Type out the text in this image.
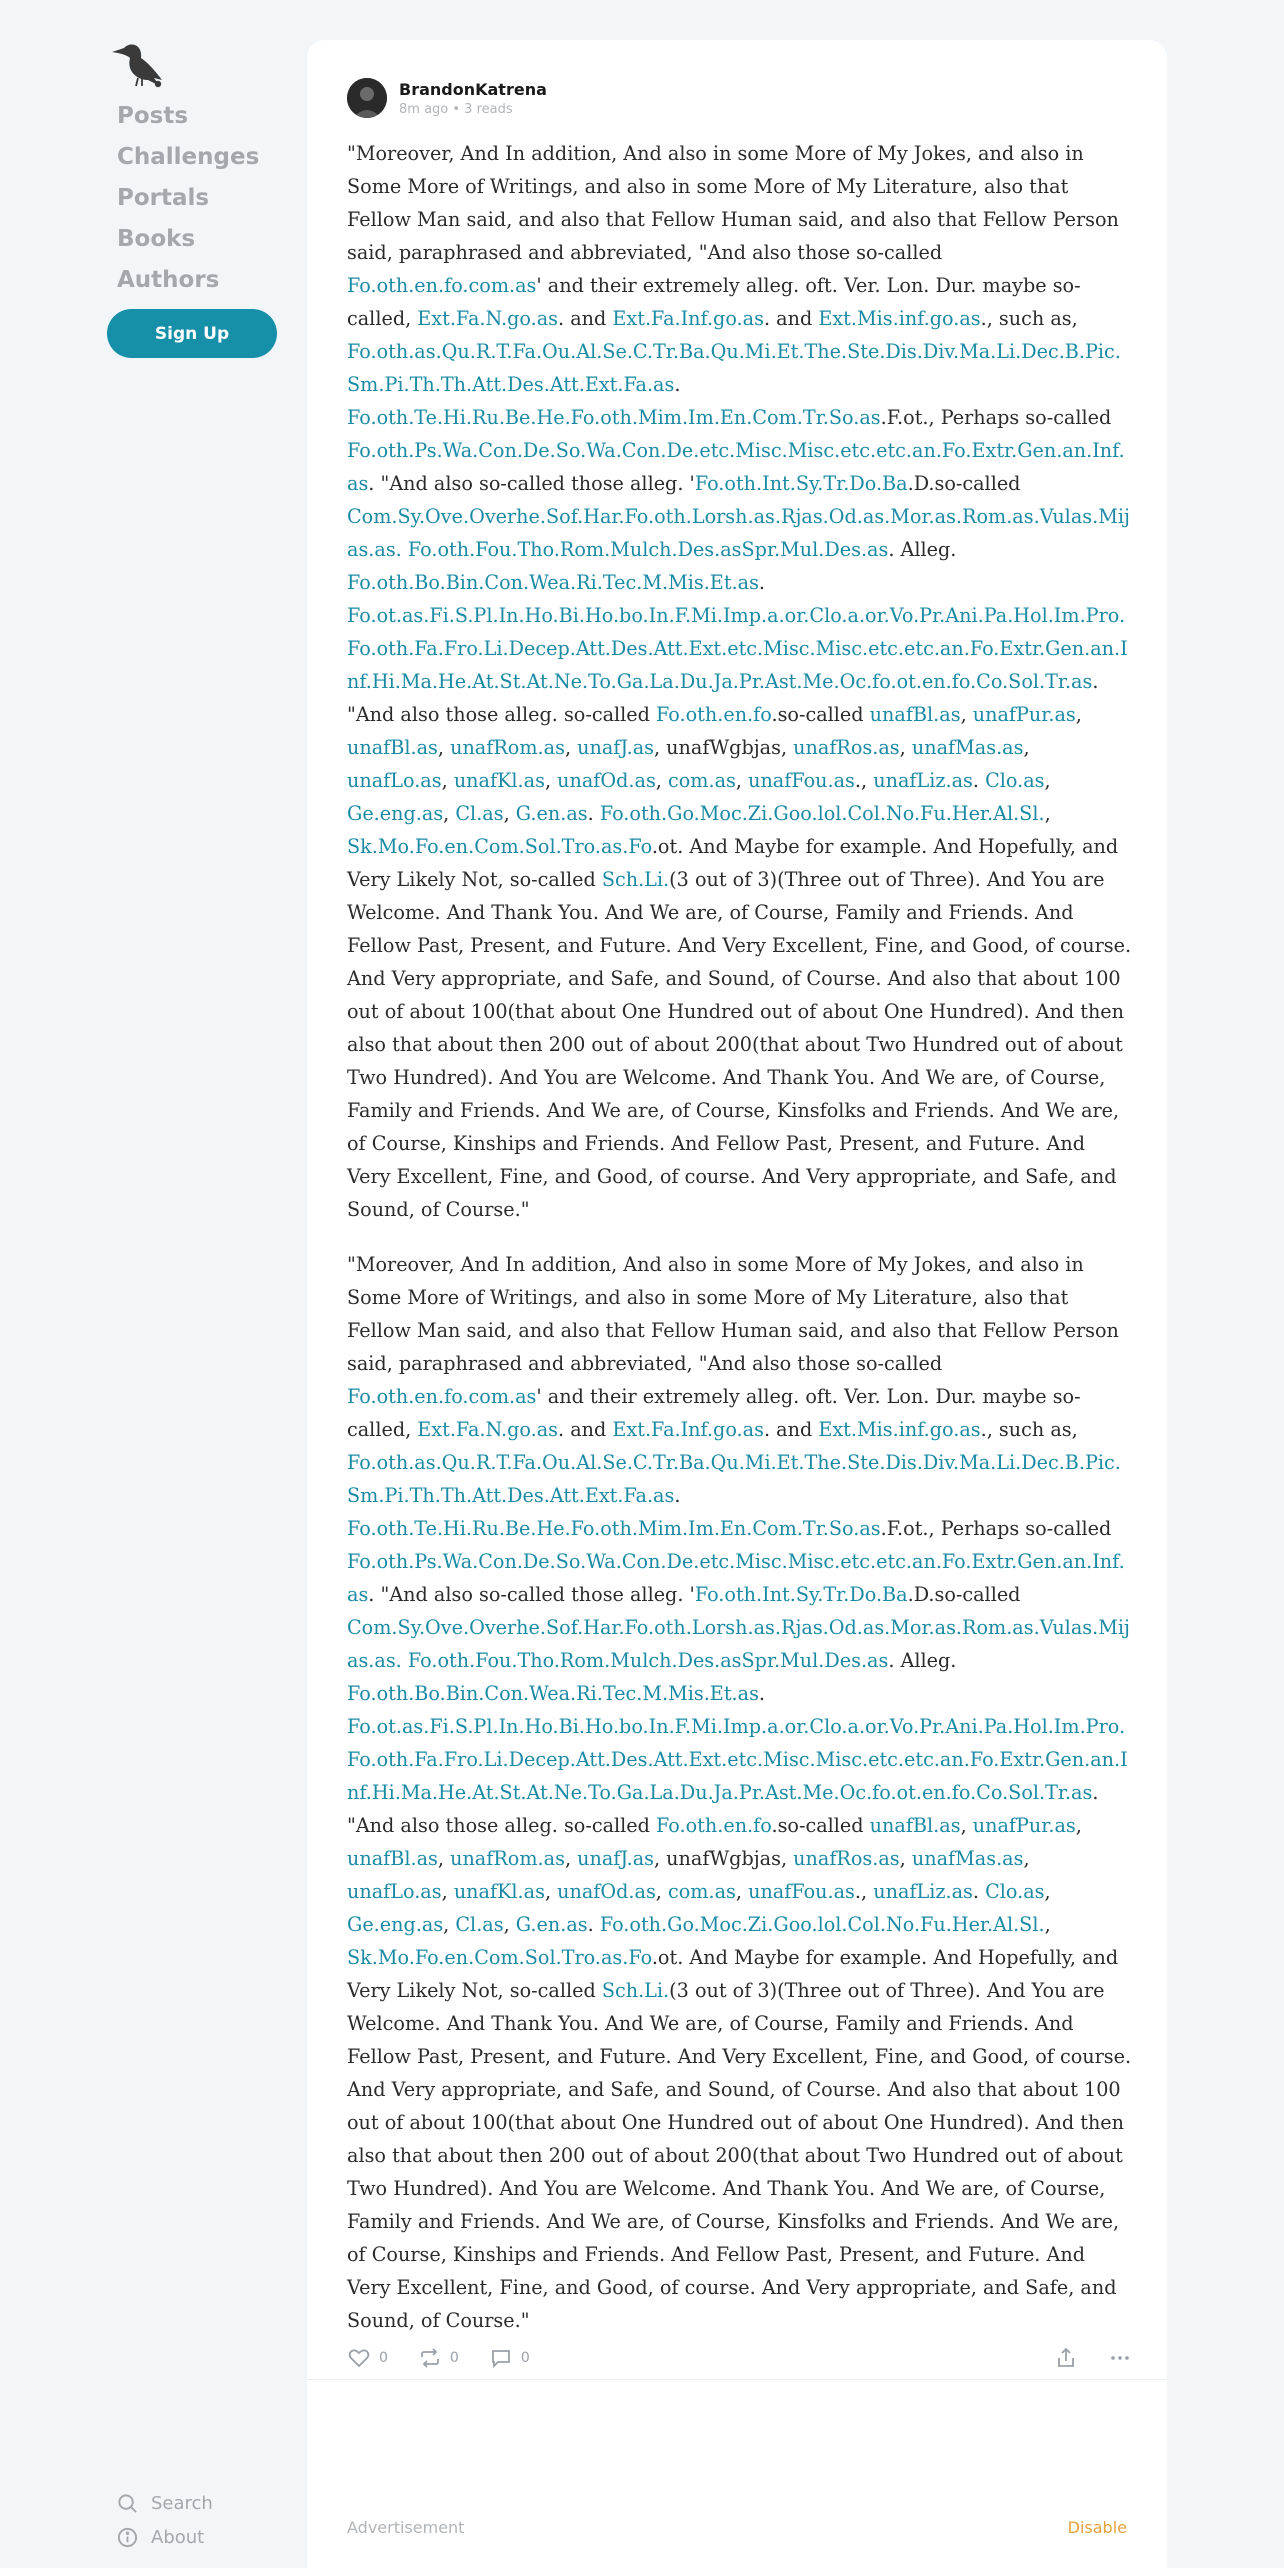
Posts
Challenges
Portals
Books
Authors
Sign Up
Search
About
BrandonKatrena
8m ago • 3 reads

"Moreover, And In addition, And also in some More of My Jokes, and also in Some More of Writings, and also in some More of My Literature, also that Fellow Man said, and also that Fellow Human said, and also that Fellow Person said, paraphrased and abbreviated, "And also those so-called Fo.oth.en.fo.com.as' and their extremely alleg. oft. Ver. Lon. Dur. maybe so-called, Ext.Fa.N.go.as. and Ext.Fa.Inf.go.as. and Ext.Mis.inf.go.as., such as, Fo.oth.as.Qu.R.T.Fa.Ou.Al.Se.C.Tr.Ba.Qu.Mi.Et.The.Ste.Dis.Div.Ma.Li.Dec.B.Pic.Sm.Pi.Th.Th.Att.Des.Att.Ext.Fa.as. Fo.oth.Te.Hi.Ru.Be.He.Fo.oth.Mim.Im.En.Com.Tr.So.as.F.ot., Perhaps so-called Fo.oth.Ps.Wa.Con.De.So.Wa.Con.De.etc.Misc.Misc.etc.etc.an.Fo.Extr.Gen.an.Inf.as. "And also so-called those alleg. 'Fo.oth.Int.Sy.Tr.Do.Ba.D.so-called Com.Sy.Ove.Overhe.Sof.Har.Fo.oth.Lorsh.as.Rjas.Od.as.Mor.as.Rom.as.Vulas.Mijas.as. Fo.oth.Fou.Tho.Rom.Mulch.Des.asSpr.Mul.Des.as. Alleg. Fo.oth.Bo.Bin.Con.Wea.Ri.Tec.M.Mis.Et.as. Fo.ot.as.Fi.S.Pl.In.Ho.Bi.Ho.bo.In.F.Mi.Imp.a.or.Clo.a.or.Vo.Pr.Ani.Pa.Hol.Im.Pro.Fo.oth.Fa.Fro.Li.Decep.Att.Des.Att.Ext.etc.Misc.Misc.etc.etc.an.Fo.Extr.Gen.an.Inf.Hi.Ma.He.At.St.At.Ne.To.Ga.La.Du.Ja.Pr.Ast.Me.Oc.fo.ot.en.fo.Co.Sol.Tr.as. "And also those alleg. so-called Fo.oth.en.fo.so-called unafBl.as, unafPur.as, unafBl.as, unafRom.as, unafJ.as, unafWgbjas, unafRos.as, unafMas.as, unafLo.as, unafKl.as, unafOd.as, com.as, unafFou.as., unafLiz.as. Clo.as, Ge.eng.as, Cl.as, G.en.as. Fo.oth.Go.Moc.Zi.Goo.lol.Col.No.Fu.Her.Al.Sl., Sk.Mo.Fo.en.Com.Sol.Tro.as.Fo.ot. And Maybe for example. And Hopefully, and Very Likely Not, so-called Sch.Li.(3 out of 3)(Three out of Three). And You are Welcome. And Thank You. And We are, of Course, Family and Friends. And Fellow Past, Present, and Future. And Very Excellent, Fine, and Good, of course. And Very appropriate, and Safe, and Sound, of Course. And also that about 100 out of about 100(that about One Hundred out of about One Hundred). And then also that about then 200 out of about 200(that about Two Hundred out of about Two Hundred). And You are Welcome. And Thank You. And We are, of Course, Family and Friends. And We are, of Course, Kinsfolks and Friends. And We are, of Course, Kinships and Friends. And Fellow Past, Present, and Future. And Very Excellent, Fine, and Good, of course. And Very appropriate, and Safe, and Sound, of Course."

"Moreover, And In addition, And also in some More of My Jokes, and also in Some More of Writings, and also in some More of My Literature, also that Fellow Man said, and also that Fellow Human said, and also that Fellow Person said, paraphrased and abbreviated, "And also those so-called Fo.oth.en.fo.com.as' and their extremely alleg. oft. Ver. Lon. Dur. maybe so-called, Ext.Fa.N.go.as. and Ext.Fa.Inf.go.as. and Ext.Mis.inf.go.as., such as, Fo.oth.as.Qu.R.T.Fa.Ou.Al.Se.C.Tr.Ba.Qu.Mi.Et.The.Ste.Dis.Div.Ma.Li.Dec.B.Pic.Sm.Pi.Th.Th.Att.Des.Att.Ext.Fa.as. Fo.oth.Te.Hi.Ru.Be.He.Fo.oth.Mim.Im.En.Com.Tr.So.as.F.ot., Perhaps so-called Fo.oth.Ps.Wa.Con.De.So.Wa.Con.De.etc.Misc.Misc.etc.etc.an.Fo.Extr.Gen.an.Inf.as. "And also so-called those alleg. 'Fo.oth.Int.Sy.Tr.Do.Ba.D.so-called Com.Sy.Ove.Overhe.Sof.Har.Fo.oth.Lorsh.as.Rjas.Od.as.Mor.as.Rom.as.Vulas.Mijas.as. Fo.oth.Fou.Tho.Rom.Mulch.Des.asSpr.Mul.Des.as. Alleg. Fo.oth.Bo.Bin.Con.Wea.Ri.Tec.M.Mis.Et.as. Fo.ot.as.Fi.S.Pl.In.Ho.Bi.Ho.bo.In.F.Mi.Imp.a.or.Clo.a.or.Vo.Pr.Ani.Pa.Hol.Im.Pro.Fo.oth.Fa.Fro.Li.Decep.Att.Des.Att.Ext.etc.Misc.Misc.etc.etc.an.Fo.Extr.Gen.an.Inf.Hi.Ma.He.At.St.At.Ne.To.Ga.La.Du.Ja.Pr.Ast.Me.Oc.fo.ot.en.fo.Co.Sol.Tr.as. "And also those alleg. so-called Fo.oth.en.fo.so-called unafBl.as, unafPur.as, unafBl.as, unafRom.as, unafJ.as, unafWgbjas, unafRos.as, unafMas.as, unafLo.as, unafKl.as, unafOd.as, com.as, unafFou.as., unafLiz.as. Clo.as, Ge.eng.as, Cl.as, G.en.as. Fo.oth.Go.Moc.Zi.Goo.lol.Col.No.Fu.Her.Al.Sl., Sk.Mo.Fo.en.Com.Sol.Tro.as.Fo.ot. And Maybe for example. And Hopefully, and Very Likely Not, so-called Sch.Li.(3 out of 3)(Three out of Three). And You are Welcome. And Thank You. And We are, of Course, Family and Friends. And Fellow Past, Present, and Future. And Very Excellent, Fine, and Good, of course. And Very appropriate, and Safe, and Sound, of Course. And also that about 100 out of about 100(that about One Hundred out of about One Hundred). And then also that about then 200 out of about 200(that about Two Hundred out of about Two Hundred). And You are Welcome. And Thank You. And We are, of Course, Family and Friends. And We are, of Course, Kinsfolks and Friends. And We are, of Course, Kinships and Friends. And Fellow Past, Present, and Future. And Very Excellent, Fine, and Good, of course. And Very appropriate, and Safe, and Sound, of Course."

0	0	0
Advertisement	Disable
